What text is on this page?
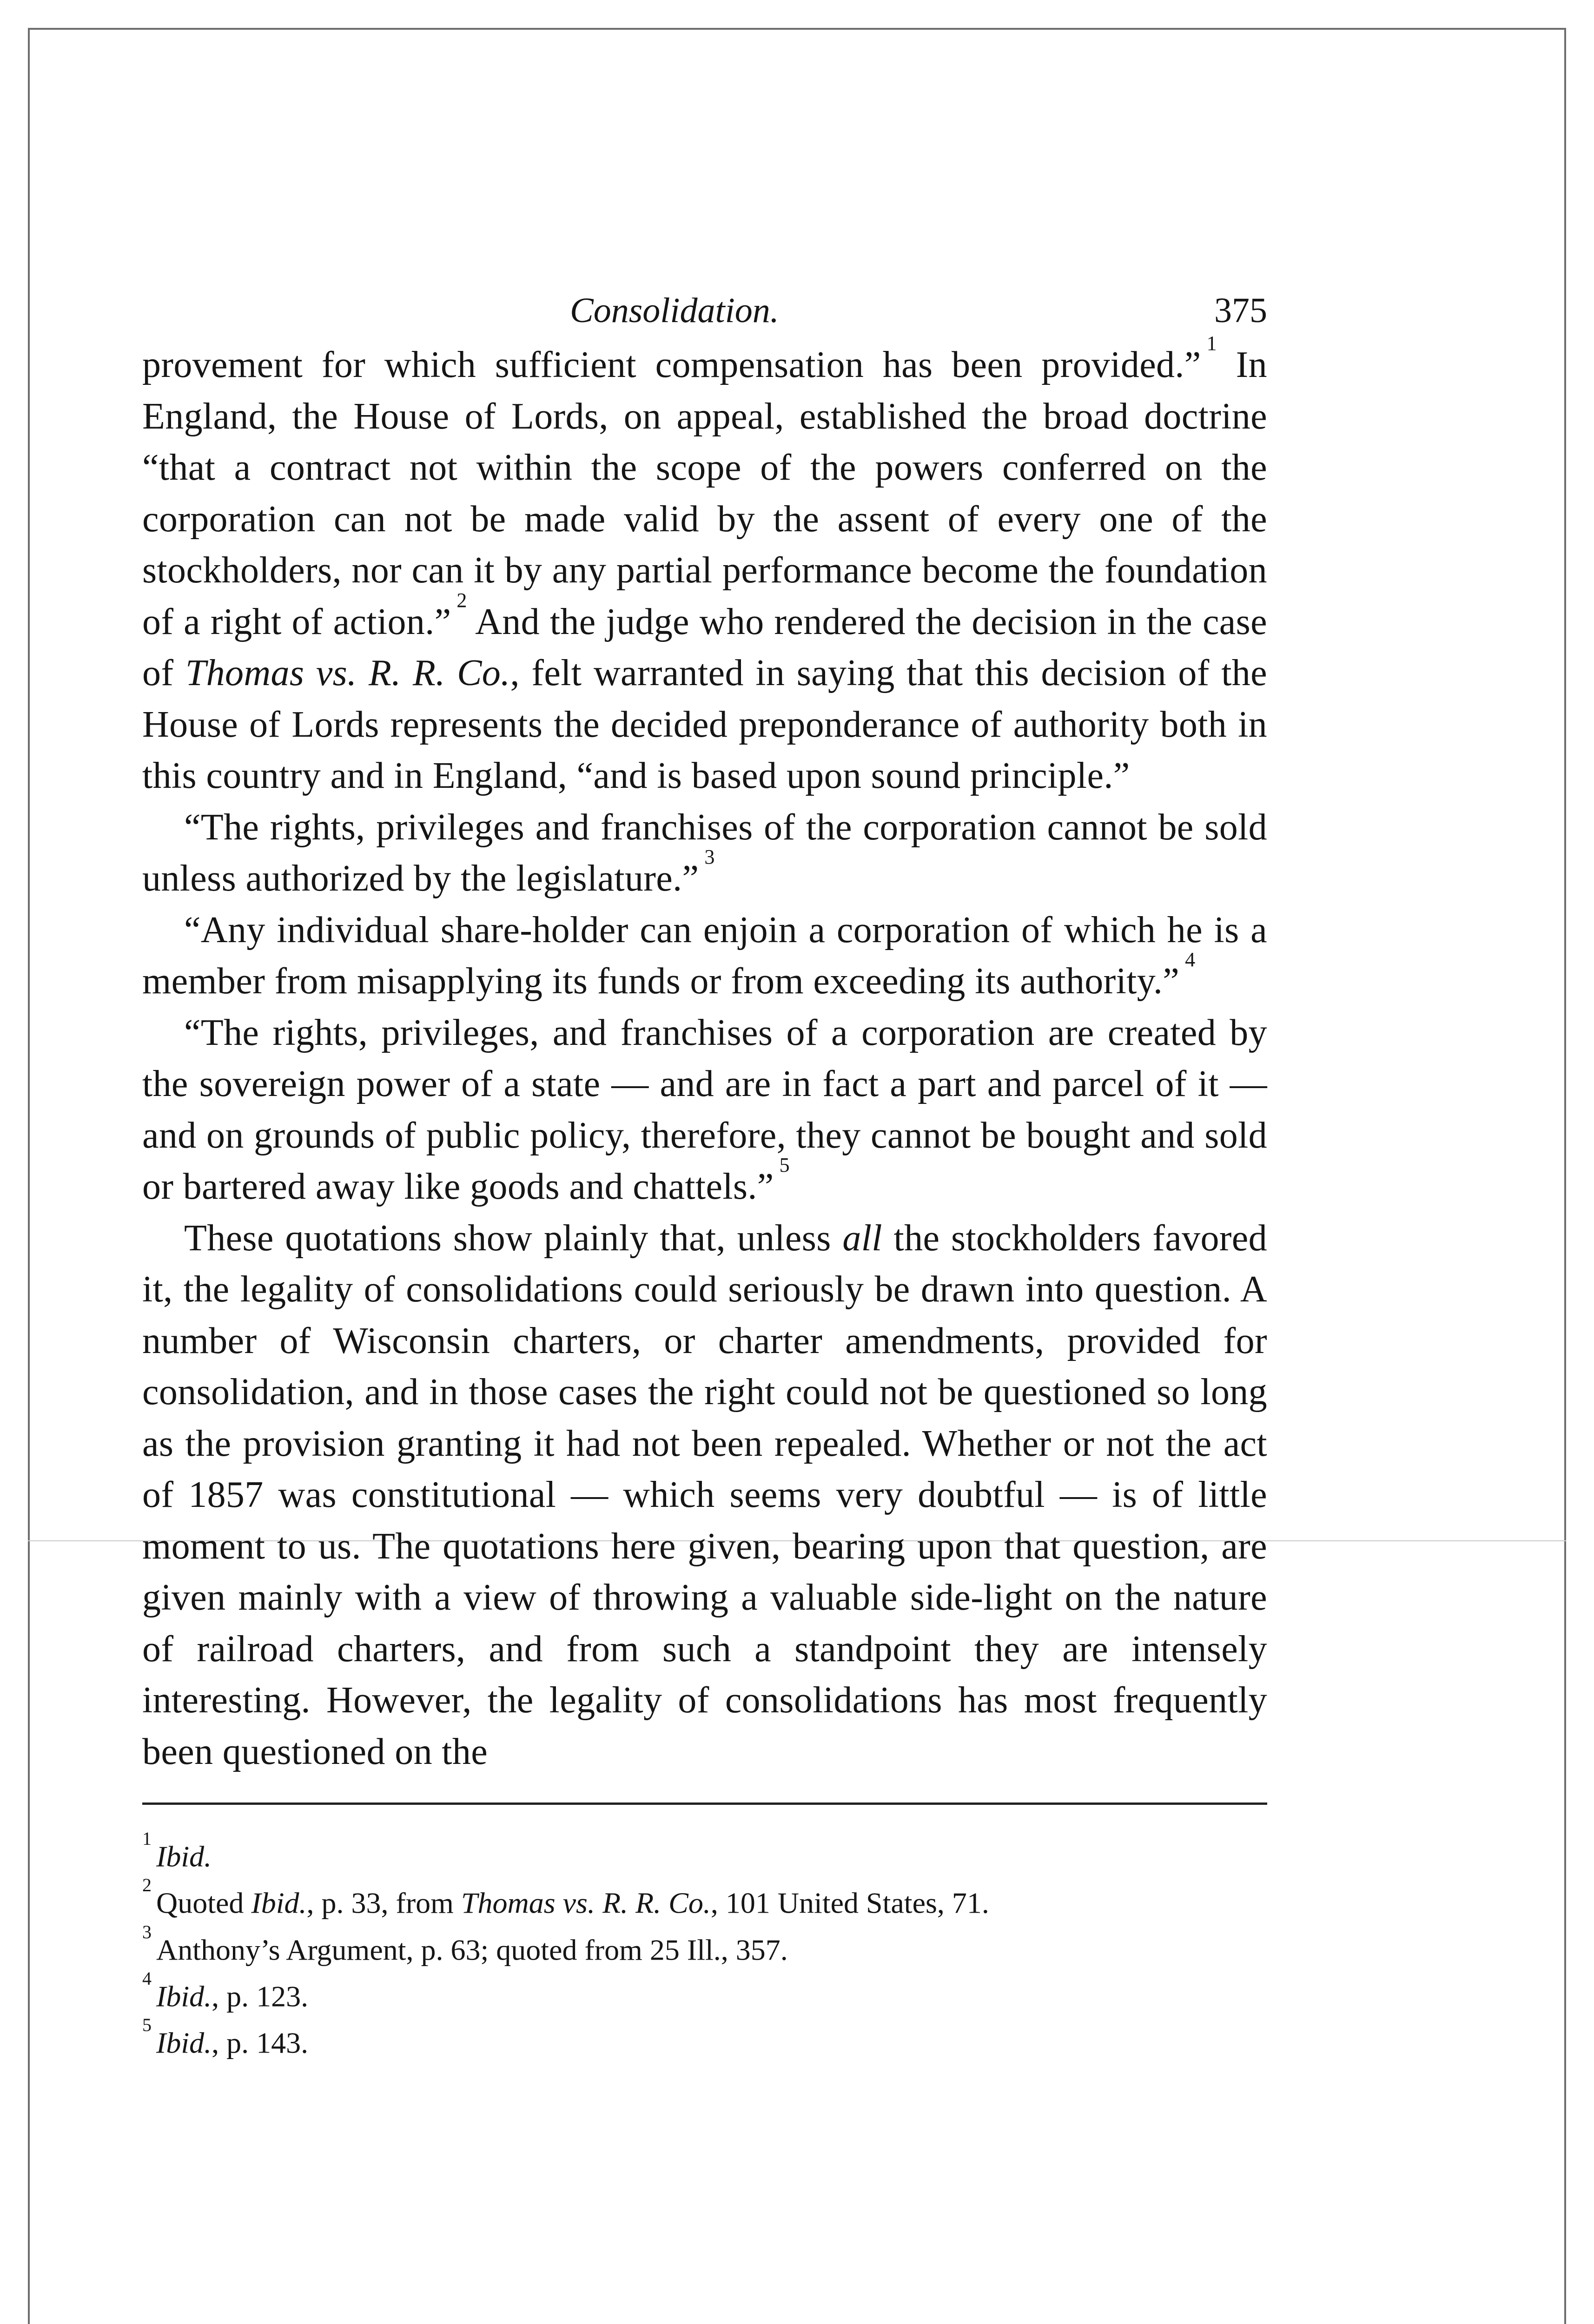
Consolidation.	375

provement for which sufficient compensation has been provided.”$^1$ In England, the House of Lords, on appeal, established the broad doctrine “that a contract not within the scope of the powers conferred on the corporation can not be made valid by the assent of every one of the stockholders, nor can it by any partial performance become the foundation of a right of action.”$^2$ And the judge who rendered the decision in the case of Thomas vs. R. R. Co., felt warranted in saying that this decision of the House of Lords represents the decided preponderance of authority both in this country and in England, “and is based upon sound principle.”

“The rights, privileges and franchises of the corporation cannot be sold unless authorized by the legislature.”$^3$

“Any individual share-holder can enjoin a corporation of which he is a member from misapplying its funds or from exceeding its authority.”$^4$

“The rights, privileges, and franchises of a corporation are created by the sovereign power of a state — and are in fact a part and parcel of it — and on grounds of public policy, therefore, they cannot be bought and sold or bartered away like goods and chattels.”$^5$

These quotations show plainly that, unless all the stockholders favored it, the legality of consolidations could seriously be drawn into question. A number of Wisconsin charters, or charter amendments, provided for consolidation, and in those cases the right could not be questioned so long as the provision granting it had not been repealed. Whether or not the act of 1857 was constitutional — which seems very doubtful — is of little moment to us. The quotations here given, bearing upon that question, are given mainly with a view of throwing a valuable side-light on the nature of railroad charters, and from such a standpoint they are intensely interesting. However, the legality of consolidations has most frequently been questioned on the

$^1$Ibid.
$^2$Quoted Ibid., p. 33, from Thomas vs. R. R. Co., 101 United States, 71.
$^3$Anthony’s Argument, p. 63; quoted from 25 Ill., 357.
$^4$Ibid., p. 123.
$^5$Ibid., p. 143.
